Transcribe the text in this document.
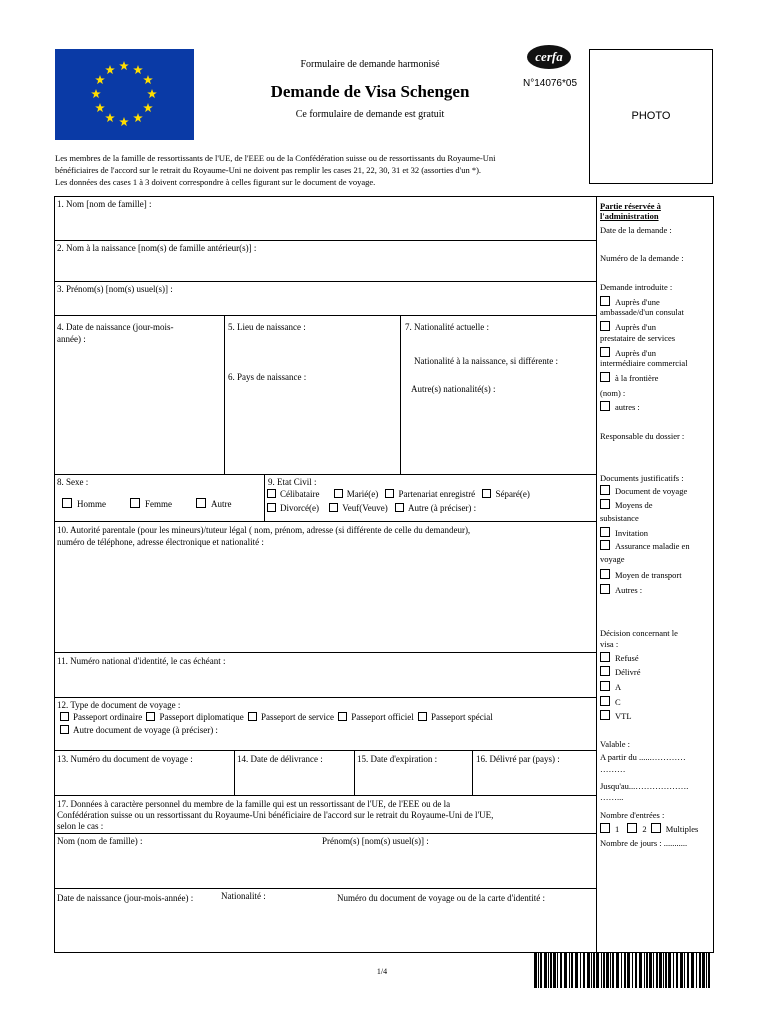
Formulaire de demande harmonisé
Demande de Visa Schengen
Ce formulaire de demande est gratuit
cerfa
N°14076*05
PHOTO
Les membres de la famille de ressortissants de l'UE, de l'EEE ou de la Confédération suisse ou de ressortissants du Royaume-Uni
bénéficiaires de l'accord sur le retrait du Royaume-Uni ne doivent pas remplir les cases 21, 22, 30, 31 et 32 (assorties d'un *).
Les données des cases 1 à 3 doivent correspondre à celles figurant sur le document de voyage.
1. Nom [nom de famille] :
2. Nom à la naissance [nom(s) de famille antérieur(s)] :
3. Prénom(s) [nom(s) usuel(s)] :
4. Date de naissance (jour-mois-
année) :
5. Lieu de naissance :
6. Pays de naissance :
7. Nationalité actuelle :
Nationalité à la naissance, si différente :
Autre(s) nationalité(s) :
8. Sexe :
Homme	Femme	Autre
9. Etat Civil :
Célibataire	Marié(e) Partenariat enregistré Séparé(e)
Divorcé(e)	Veuf(Veuve) Autre (à préciser) :
10. Autorité parentale (pour les mineurs)/tuteur légal ( nom, prénom, adresse (si différente de celle du demandeur),
numéro de téléphone, adresse électronique et nationalité :
11. Numéro national d'identité, le cas échéant :
12. Type de document de voyage :
Passeport ordinaire Passeport diplomatique Passeport de service Passeport officiel Passeport spécial
Autre document de voyage (à préciser) :
13. Numéro du document de voyage :	14. Date de délivrance :	15. Date d'expiration :	16. Délivré par (pays) :
17. Données à caractère personnel du membre de la famille qui est un ressortissant de l'UE, de l'EEE ou de la
Confédération suisse ou un ressortissant du Royaume-Uni bénéficiaire de l'accord sur le retrait du Royaume-Uni de l'UE,
selon le cas :
Nom (nom de famille) :	Prénom(s) [nom(s) usuel(s)] :
Date de naissance (jour-mois-année) :	Nationalité :	Numéro du document de voyage ou de la carte d'identité :
Partie réservée à
l'administration
Date de la demande :
Numéro de la demande :
Demande introduite :
Auprès d'une
ambassade/d'un consulat
Auprès d'un
prestataire de services
Auprès d'un
intermédiaire commercial
à la frontière
(nom) :
autres :
Responsable du dossier :
Documents justificatifs :
Document de voyage
Moyens de
subsistance
Invitation
Assurance maladie en
voyage
Moyen de transport
Autres :
Décision concernant le
visa :
Refusé
Délivré
A
C
VTL
Valable :
A partir du ......…………
………
Jusqu'au...……………….
……...
Nombre d'entrées :
1	2 Multiples
Nombre de jours : ...........
1/4
